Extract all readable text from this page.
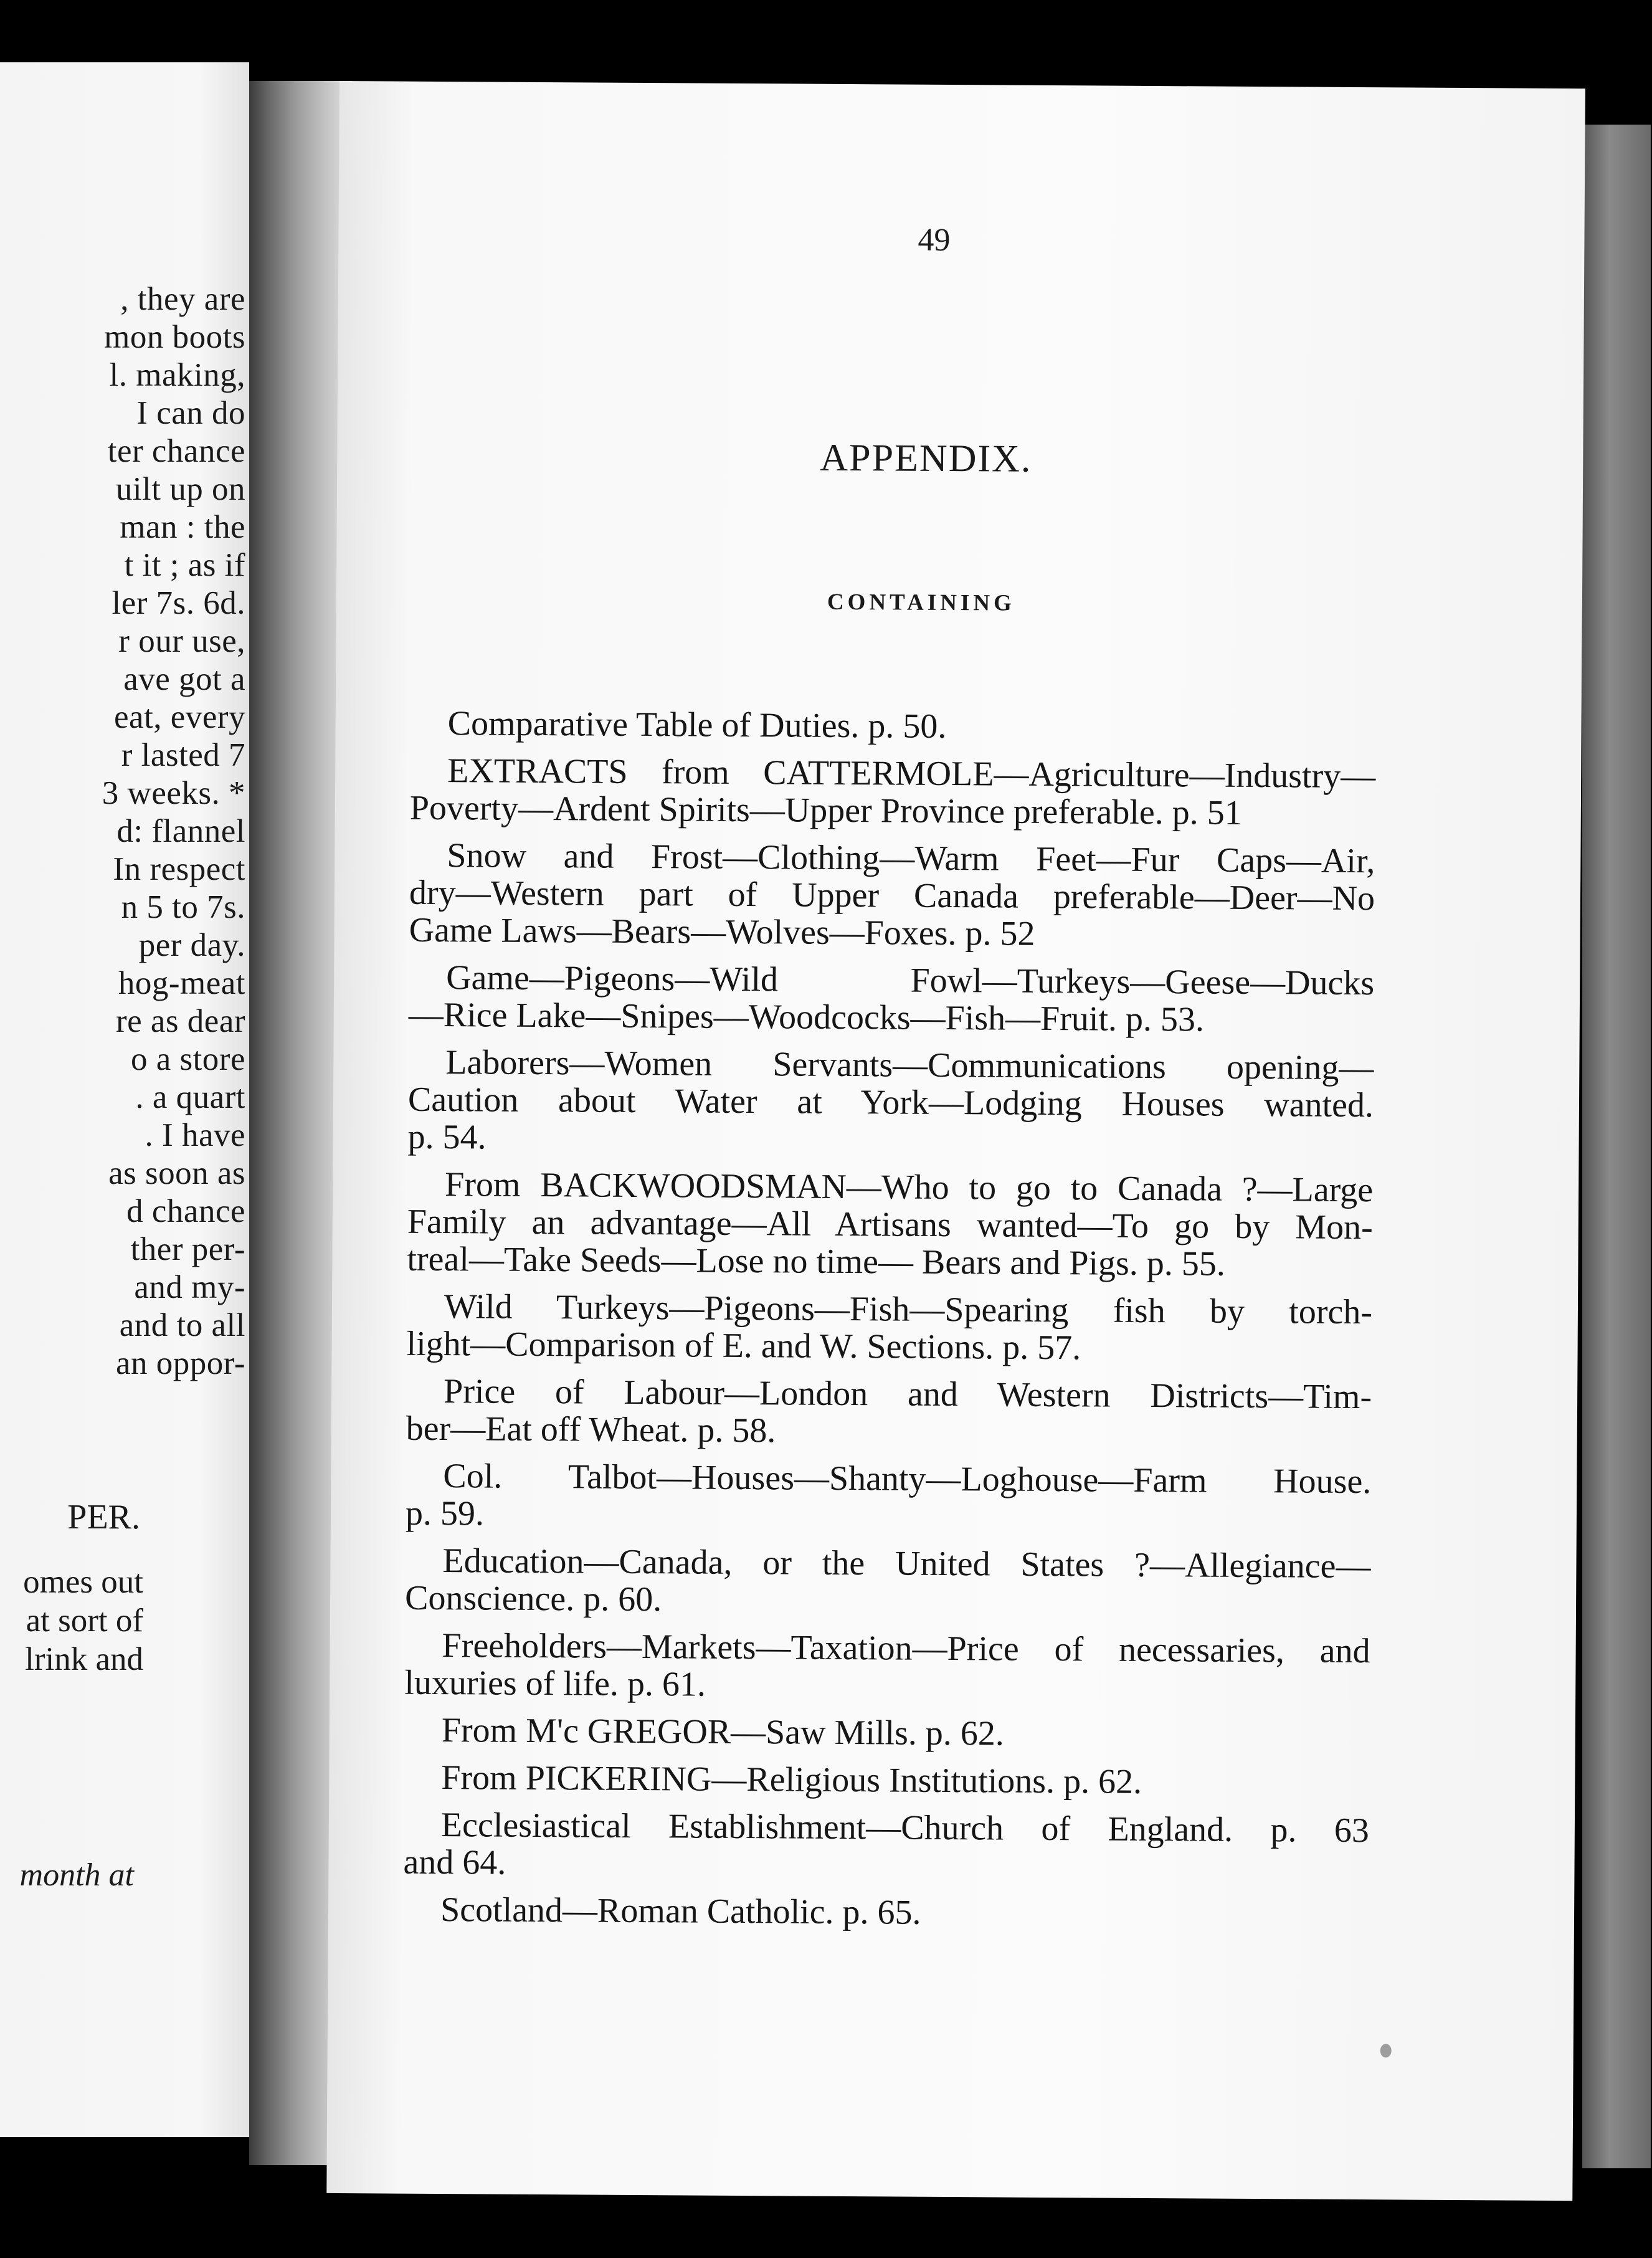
, they are
mon boots
l. making,
I can do
ter chance
uilt up on
man : the
t it ; as if
ler 7s. 6d.
r our use,
ave got a
eat, every
r lasted 7
3 weeks. *
d: flannel
In respect
n 5 to 7s.
per day.
hog-meat
re as dear
o a store
. a quart
. I have
as soon as
d chance
ther per-
and my-
and to all
an oppor-
PER.
omes out
at sort of
lrink and
month at
49
APPENDIX.
CONTAINING
Comparative Table of Duties. p. 50.
EXTRACTS from CATTERMOLE—Agriculture—Industry—
Poverty—Ardent Spirits—Upper Province preferable. p. 51
Snow and Frost—Clothing—Warm Feet—Fur Caps—Air,
dry—Western part of Upper Canada preferable—Deer—No
Game Laws—Bears—Wolves—Foxes. p. 52
Game—Pigeons—Wild Fowl—Turkeys—Geese—Ducks
—Rice Lake—Snipes—Woodcocks—Fish—Fruit. p. 53.
Laborers—Women Servants—Communications opening—
Caution about Water at York—Lodging Houses wanted.
p. 54.
From BACKWOODSMAN—Who to go to Canada ?—Large
Family an advantage—All Artisans wanted—To go by Mon-
treal—Take Seeds—Lose no time— Bears and Pigs. p. 55.
Wild Turkeys—Pigeons—Fish—Spearing fish by torch-
light—Comparison of E. and W. Sections. p. 57.
Price of Labour—London and Western Districts—Tim-
ber—Eat off Wheat. p. 58.
Col. Talbot—Houses—Shanty—Loghouse—Farm House.
p. 59.
Education—Canada, or the United States ?—Allegiance—
Conscience. p. 60.
Freeholders—Markets—Taxation—Price of necessaries, and
luxuries of life. p. 61.
From M'c GREGOR—Saw Mills. p. 62.
From PICKERING—Religious Institutions. p. 62.
Ecclesiastical Establishment—Church of England. p. 63
and 64.
Scotland—Roman Catholic. p. 65.
